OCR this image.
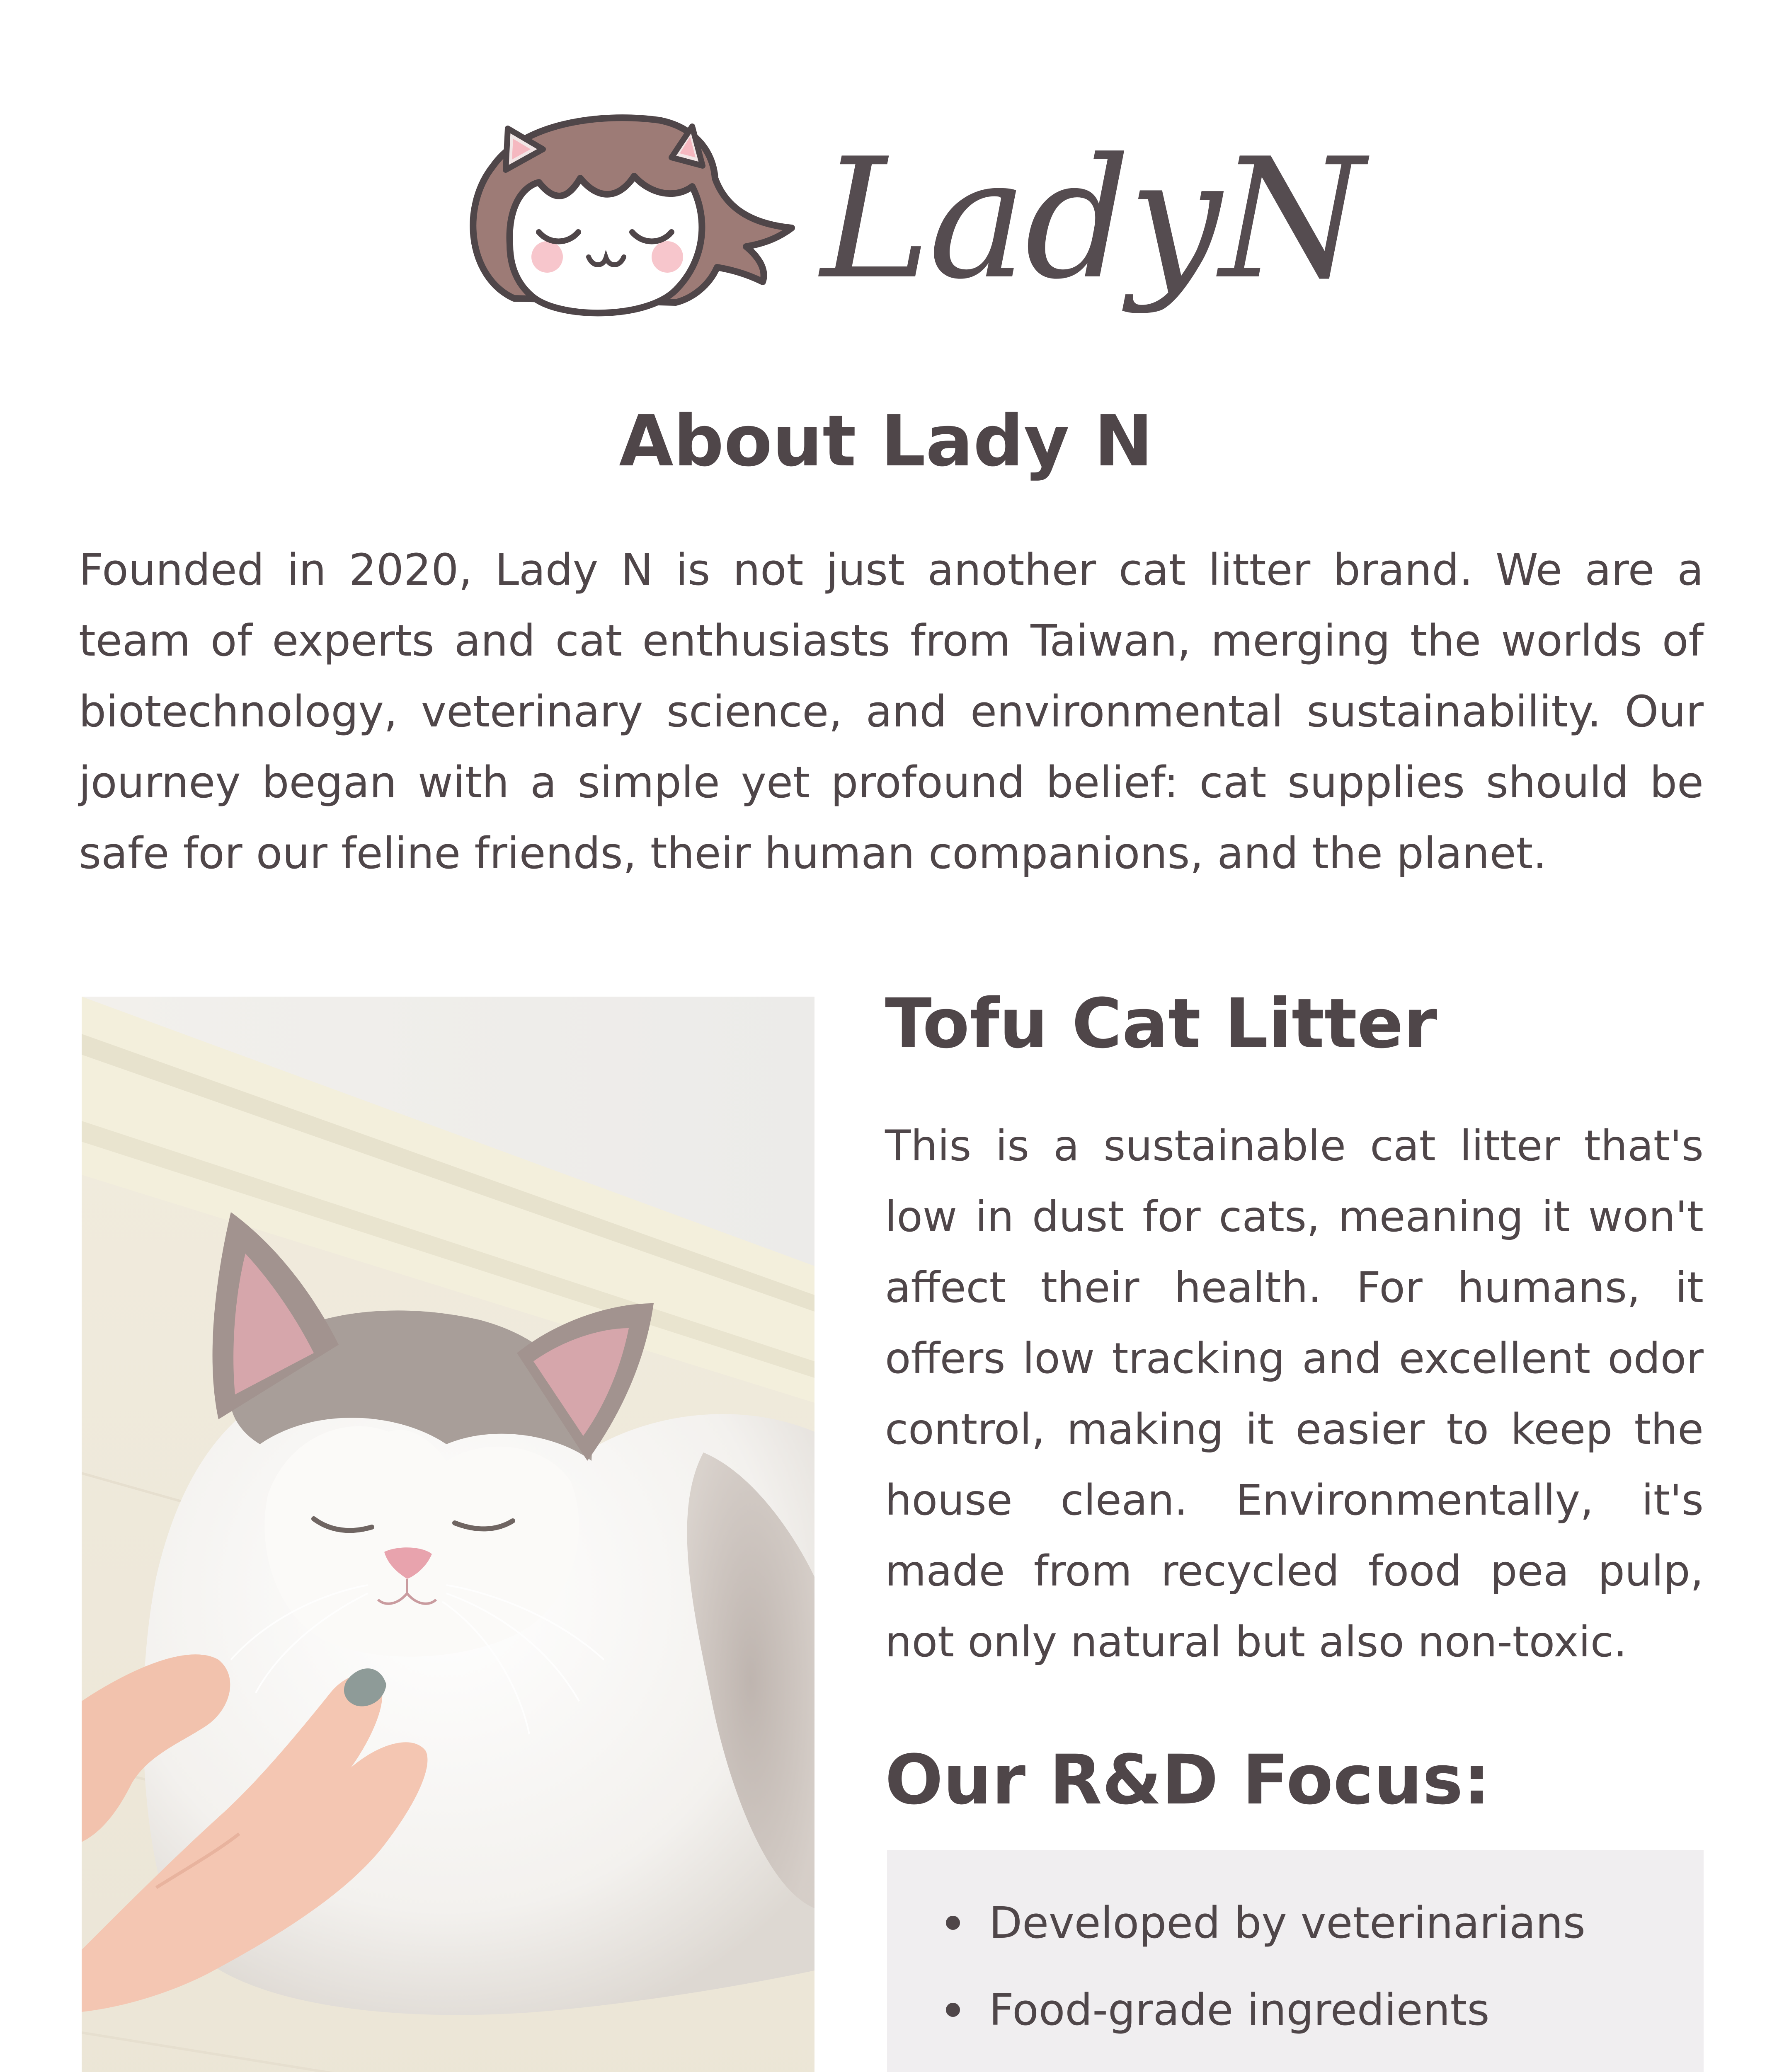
LadyN
About Lady N

Founded in 2020, Lady N is not just another cat litter brand. We are a team of experts and cat enthusiasts from Taiwan, merging the worlds of biotechnology, veterinary science, and environmental sustainability. Our journey began with a simple yet profound belief: cat supplies should be safe for our feline friends, their human companions, and the planet.

Tofu Cat Litter

This is a sustainable cat litter that's low in dust for cats, meaning it won't affect their health. For humans, it offers low tracking and excellent odor control, making it easier to keep the house clean. Environmentally, it's made from recycled food pea pulp, not only natural but also non-toxic.

Our R&D Focus:
Developed by veterinarians
Food-grade ingredients
